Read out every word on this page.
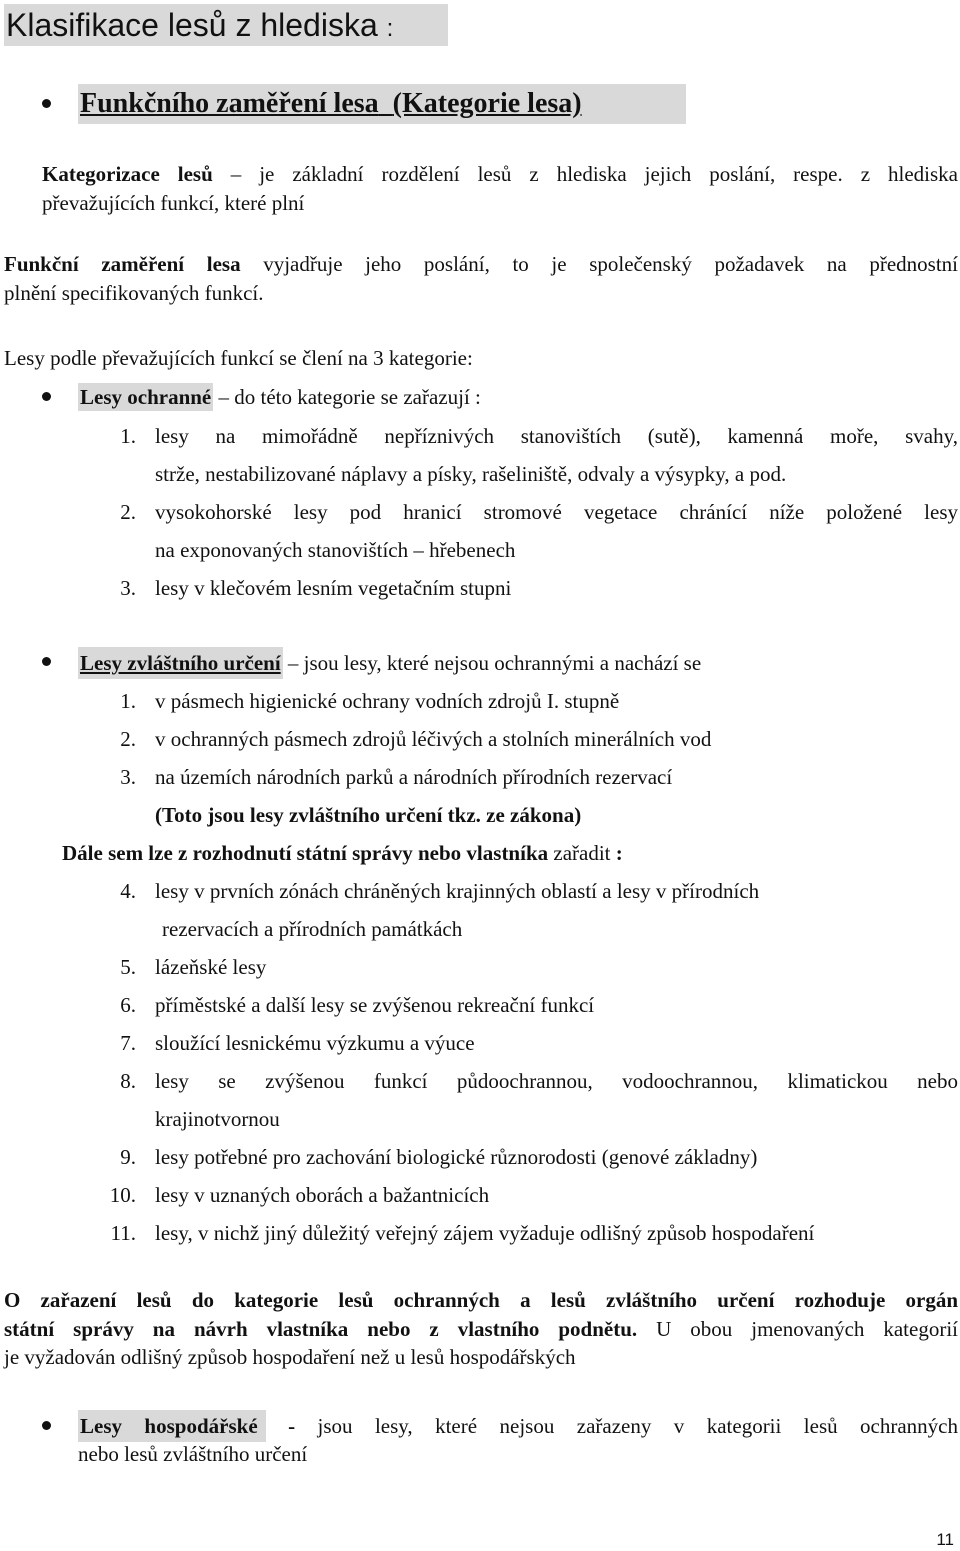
Klasifikace lesů z hlediska :
Funkčního zaměření lesa (Kategorie lesa)
Kategorizace lesů – je základní rozdělení lesů z hlediska jejich poslání, respe. z hlediska
převažujících funkcí, které plní
Funkční zaměření lesa vyjadřuje jeho poslání, to je společenský požadavek na přednostní
plnění specifikovaných funkcí.
Lesy podle převažujících funkcí se člení na 3 kategorie:
Lesy ochranné – do této kategorie se zařazují :
1. lesy na mimořádně nepříznivých stanovištích (sutě), kamenná moře, svahy,
strže, nestabilizované náplavy a písky, rašeliniště, odvaly a výsypky, a pod.
2. vysokohorské lesy pod hranicí stromové vegetace chránící níže položené lesy
na exponovaných stanovištích – hřebenech
3. lesy v klečovém lesním vegetačním stupni
Lesy zvláštního určení – jsou lesy, které nejsou ochrannými a nachází se
1. v pásmech higienické ochrany vodních zdrojů I. stupně
2. v ochranných pásmech zdrojů léčivých a stolních minerálních vod
3. na územích národních parků a národních přírodních rezervací
(Toto jsou lesy zvláštního určení tkz. ze zákona)
Dále sem lze z rozhodnutí státní správy nebo vlastníka zařadit :
4. lesy v prvních zónách chráněných krajinných oblastí a lesy v přírodních
rezervacích a přírodních památkách
5. lázeňské lesy
6. příměstské a další lesy se zvýšenou rekreační funkcí
7. sloužící lesnickému výzkumu a výuce
8. lesy se zvýšenou funkcí půdoochrannou, vodoochrannou, klimatickou nebo
krajinotvornou
9. lesy potřebné pro zachování biologické různorodosti (genové základny)
10. lesy v uznaných oborách a bažantnicích
11. lesy, v nichž jiný důležitý veřejný zájem vyžaduje odlišný způsob hospodaření
O zařazení lesů do kategorie lesů ochranných a lesů zvláštního určení rozhoduje orgán
státní správy na návrh vlastníka nebo z vlastního podnětu. U obou jmenovaných kategorií
je vyžadován odlišný způsob hospodaření než u lesů hospodářských
Lesy hospodářské - jsou lesy, které nejsou zařazeny v kategorii lesů ochranných
nebo lesů zvláštního určení
11
